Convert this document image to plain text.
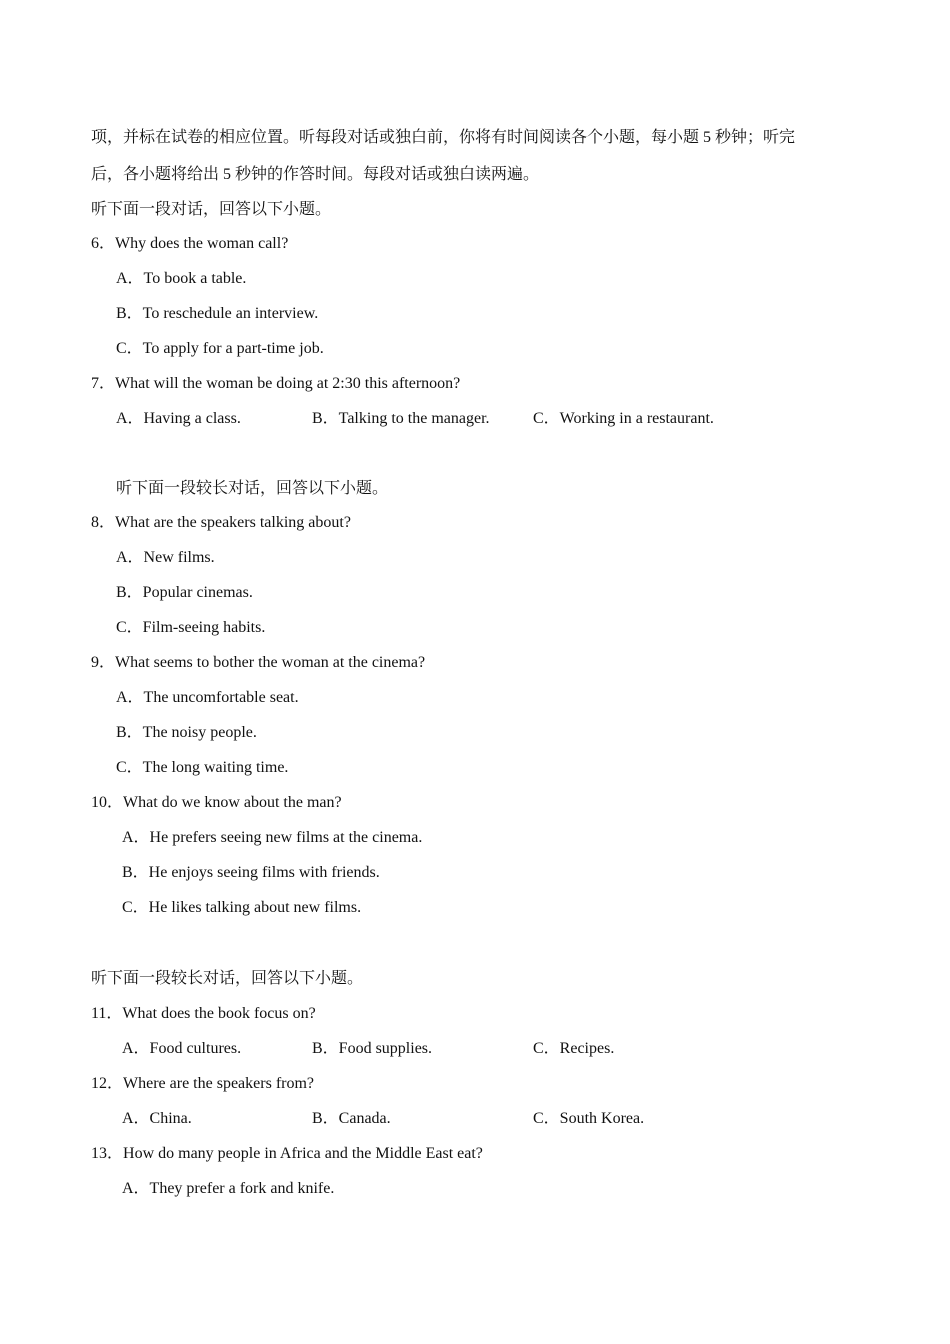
项，并标在试卷的相应位置。听每段对话或独白前，你将有时间阅读各个小题，每小题 5 秒钟；听完
后，各小题将给出 5 秒钟的作答时间。每段对话或独白读两遍。
听下面一段对话，回答以下小题。
6．Why does the woman call?
A．To book a table.
B．To reschedule an interview.
C．To apply for a part-time job.
7．What will the woman be doing at 2:30 this afternoon?
A．Having a class.	B．Talking to the manager.	C．Working in a restaurant.
听下面一段较长对话，回答以下小题。
8．What are the speakers talking about?
A．New films.
B．Popular cinemas.
C．Film-seeing habits.
9．What seems to bother the woman at the cinema?
A．The uncomfortable seat.
B．The noisy people.
C．The long waiting time.
10．What do we know about the man?
A．He prefers seeing new films at the cinema.
B．He enjoys seeing films with friends.
C．He likes talking about new films.
听下面一段较长对话，回答以下小题。
11．What does the book focus on?
A．Food cultures.	B．Food supplies.	C．Recipes.
12．Where are the speakers from?
A．China.	B．Canada.	C．South Korea.
13．How do many people in Africa and the Middle East eat?
A．They prefer a fork and knife.
